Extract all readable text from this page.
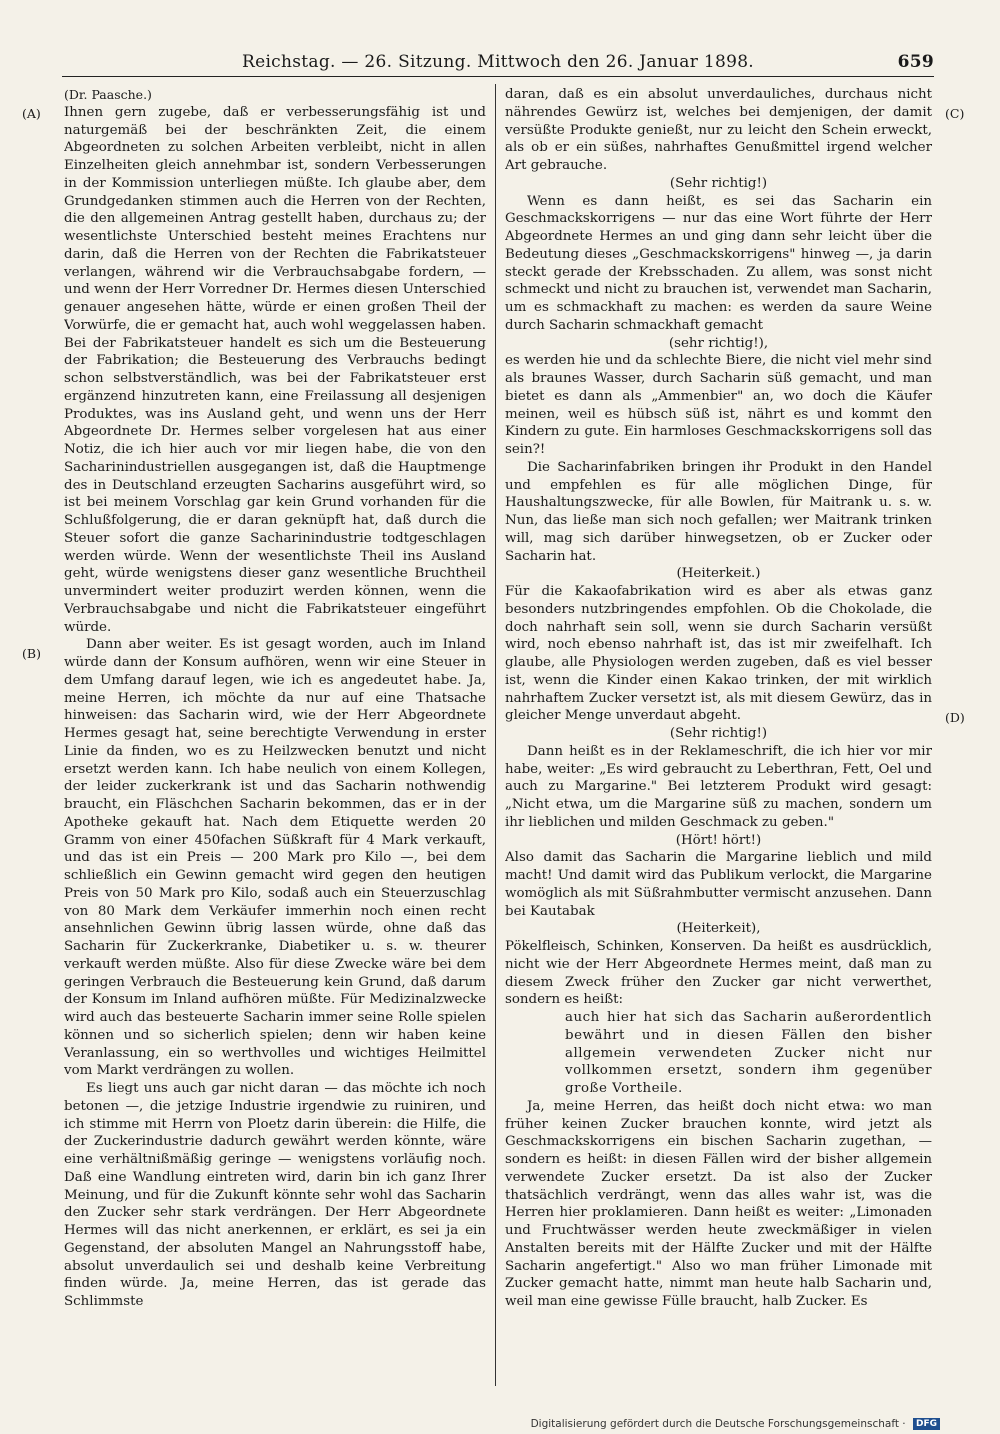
Reichstag. — 26. Sitzung. Mittwoch den 26. Januar 1898.	659
(A)
(B)
(C)
(D)

(Dr. Paasche.)

Ihnen gern zugebe, daß er verbesserungsfähig ist und naturgemäß bei der beschränkten Zeit, die einem Abgeordneten zu solchen Arbeiten verbleibt, nicht in allen Einzelheiten gleich annehmbar ist, sondern Verbesserungen in der Kommission unterliegen müßte. Ich glaube aber, dem Grundgedanken stimmen auch die Herren von der Rechten, die den allgemeinen Antrag gestellt haben, durchaus zu; der wesentlichste Unterschied besteht meines Erachtens nur darin, daß die Herren von der Rechten die Fabrikatsteuer verlangen, während wir die Verbrauchsabgabe fordern, — und wenn der Herr Vorredner Dr. Hermes diesen Unterschied genauer angesehen hätte, würde er einen großen Theil der Vorwürfe, die er gemacht hat, auch wohl weggelassen haben. Bei der Fabrikatsteuer handelt es sich um die Besteuerung der Fabrikation; die Besteuerung des Verbrauchs bedingt schon selbstverständlich, was bei der Fabrikatsteuer erst ergänzend hinzutreten kann, eine Freilassung all desjenigen Produktes, was ins Ausland geht, und wenn uns der Herr Abgeordnete Dr. Hermes selber vorgelesen hat aus einer Notiz, die ich hier auch vor mir liegen habe, die von den Sacharinindustriellen ausgegangen ist, daß die Hauptmenge des in Deutschland erzeugten Sacharins ausgeführt wird, so ist bei meinem Vorschlag gar kein Grund vorhanden für die Schlußfolgerung, die er daran geknüpft hat, daß durch die Steuer sofort die ganze Sacharinindustrie todtgeschlagen werden würde. Wenn der wesentlichste Theil ins Ausland geht, würde wenigstens dieser ganz wesentliche Bruchtheil unvermindert weiter produzirt werden können, wenn die Verbrauchsabgabe und nicht die Fabrikatsteuer eingeführt würde.

Dann aber weiter. Es ist gesagt worden, auch im Inland würde dann der Konsum aufhören, wenn wir eine Steuer in dem Umfang darauf legen, wie ich es angedeutet habe. Ja, meine Herren, ich möchte da nur auf eine Thatsache hinweisen: das Sacharin wird, wie der Herr Abgeordnete Hermes gesagt hat, seine berechtigte Verwendung in erster Linie da finden, wo es zu Heilzwecken benutzt und nicht ersetzt werden kann. Ich habe neulich von einem Kollegen, der leider zuckerkrank ist und das Sacharin nothwendig braucht, ein Fläschchen Sacharin bekommen, das er in der Apotheke gekauft hat. Nach dem Etiquette werden 20 Gramm von einer 450fachen Süßkraft für 4 Mark verkauft, und das ist ein Preis — 200 Mark pro Kilo —, bei dem schließlich ein Gewinn gemacht wird gegen den heutigen Preis von 50 Mark pro Kilo, sodaß auch ein Steuerzuschlag von 80 Mark dem Verkäufer immerhin noch einen recht ansehnlichen Gewinn übrig lassen würde, ohne daß das Sacharin für Zuckerkranke, Diabetiker u. s. w. theurer verkauft werden müßte. Also für diese Zwecke wäre bei dem geringen Verbrauch die Besteuerung kein Grund, daß darum der Konsum im Inland aufhören müßte. Für Medizinalzwecke wird auch das besteuerte Sacharin immer seine Rolle spielen können und so sicherlich spielen; denn wir haben keine Veranlassung, ein so werthvolles und wichtiges Heilmittel vom Markt verdrängen zu wollen.

Es liegt uns auch gar nicht daran — das möchte ich noch betonen —, die jetzige Industrie irgendwie zu ruiniren, und ich stimme mit Herrn von Ploetz darin überein: die Hilfe, die der Zuckerindustrie dadurch gewährt werden könnte, wäre eine verhältnißmäßig geringe — wenigstens vorläufig noch. Daß eine Wandlung eintreten wird, darin bin ich ganz Ihrer Meinung, und für die Zukunft könnte sehr wohl das Sacharin den Zucker sehr stark verdrängen. Der Herr Abgeordnete Hermes will das nicht anerkennen, er erklärt, es sei ja ein Gegenstand, der absoluten Mangel an Nahrungsstoff habe, absolut unverdaulich sei und deshalb keine Verbreitung finden würde. Ja, meine Herren, das ist gerade das Schlimmste

daran, daß es ein absolut unverdauliches, durchaus nicht nährendes Gewürz ist, welches bei demjenigen, der damit versüßte Produkte genießt, nur zu leicht den Schein erweckt, als ob er ein süßes, nahrhaftes Genußmittel irgend welcher Art gebrauche.

(Sehr richtig!)

Wenn es dann heißt, es sei das Sacharin ein Geschmackskorrigens — nur das eine Wort führte der Herr Abgeordnete Hermes an und ging dann sehr leicht über die Bedeutung dieses „Geschmackskorrigens" hinweg —, ja darin steckt gerade der Krebsschaden. Zu allem, was sonst nicht schmeckt und nicht zu brauchen ist, verwendet man Sacharin, um es schmackhaft zu machen: es werden da saure Weine durch Sacharin schmackhaft gemacht

(sehr richtig!),

es werden hie und da schlechte Biere, die nicht viel mehr sind als braunes Wasser, durch Sacharin süß gemacht, und man bietet es dann als „Ammenbier" an, wo doch die Käufer meinen, weil es hübsch süß ist, nährt es und kommt den Kindern zu gute. Ein harmloses Geschmackskorrigens soll das sein?!

Die Sacharinfabriken bringen ihr Produkt in den Handel und empfehlen es für alle möglichen Dinge, für Haushaltungszwecke, für alle Bowlen, für Maitrank u. s. w. Nun, das ließe man sich noch gefallen; wer Maitrank trinken will, mag sich darüber hinwegsetzen, ob er Zucker oder Sacharin hat.

(Heiterkeit.)

Für die Kakaofabrikation wird es aber als etwas ganz besonders nutzbringendes empfohlen. Ob die Chokolade, die doch nahrhaft sein soll, wenn sie durch Sacharin versüßt wird, noch ebenso nahrhaft ist, das ist mir zweifelhaft. Ich glaube, alle Physiologen werden zugeben, daß es viel besser ist, wenn die Kinder einen Kakao trinken, der mit wirklich nahrhaftem Zucker versetzt ist, als mit diesem Gewürz, das in gleicher Menge unverdaut abgeht.

(Sehr richtig!)

Dann heißt es in der Reklameschrift, die ich hier vor mir habe, weiter: „Es wird gebraucht zu Leberthran, Fett, Oel und auch zu Margarine." Bei letzterem Produkt wird gesagt: „Nicht etwa, um die Margarine süß zu machen, sondern um ihr lieblichen und milden Geschmack zu geben."

(Hört! hört!)

Also damit das Sacharin die Margarine lieblich und mild macht! Und damit wird das Publikum verlockt, die Margarine womöglich als mit Süßrahmbutter vermischt anzusehen. Dann bei Kautabak

(Heiterkeit),

Pökelfleisch, Schinken, Konserven. Da heißt es ausdrücklich, nicht wie der Herr Abgeordnete Hermes meint, daß man zu diesem Zweck früher den Zucker gar nicht verwerthet, sondern es heißt:

auch hier hat sich das Sacharin außerordentlich bewährt und in diesen Fällen den bisher allgemein verwendeten Zucker nicht nur vollkommen ersetzt, sondern ihm gegenüber große Vortheile.

Ja, meine Herren, das heißt doch nicht etwa: wo man früher keinen Zucker brauchen konnte, wird jetzt als Geschmackskorrigens ein bischen Sacharin zugethan, — sondern es heißt: in diesen Fällen wird der bisher allgemein verwendete Zucker ersetzt. Da ist also der Zucker thatsächlich verdrängt, wenn das alles wahr ist, was die Herren hier proklamieren. Dann heißt es weiter: „Limonaden und Fruchtwässer werden heute zweckmäßiger in vielen Anstalten bereits mit der Hälfte Zucker und mit der Hälfte Sacharin angefertigt." Also wo man früher Limonade mit Zucker gemacht hatte, nimmt man heute halb Sacharin und, weil man eine gewisse Fülle braucht, halb Zucker. Es

Digitalisierung gefördert durch die Deutsche Forschungsgemeinschaft · DFG
